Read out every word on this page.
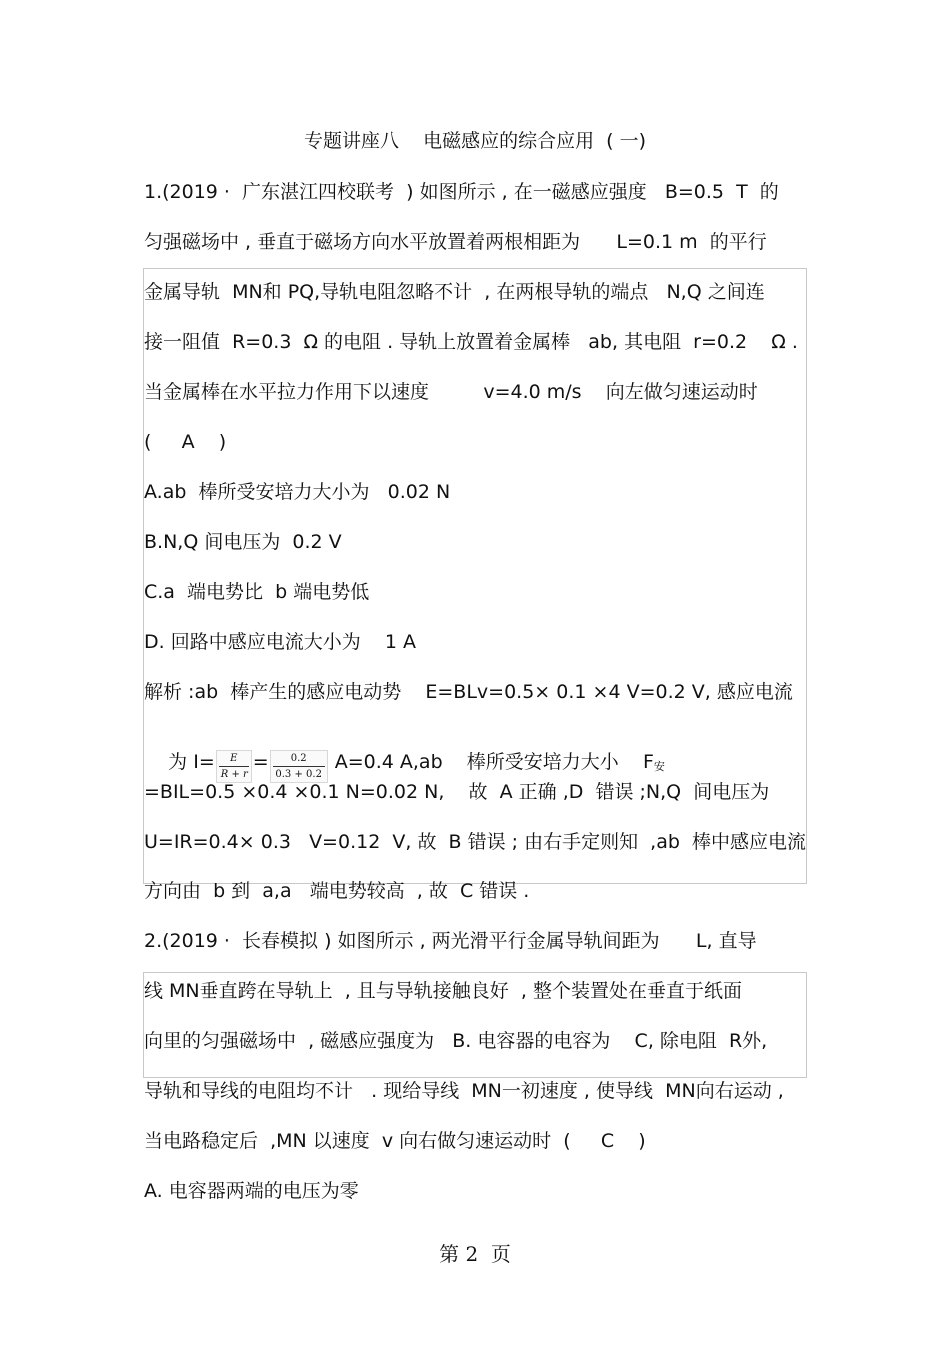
专题讲座八    电磁感应的综合应用  ( 一)
1.(2019 ·  广东湛江四校联考  ) 如图所示 , 在一磁感应强度   B=0.5  T  的
匀强磁场中 , 垂直于磁场方向水平放置着两根相距为      L=0.1 m  的平行
金属导轨  MN和 PQ,导轨电阻忽略不计  , 在两根导轨的端点   N,Q 之间连
接一阻值  R=0.3  Ω 的电阻 . 导轨上放置着金属棒   ab, 其电阻  r=0.2    Ω .
当金属棒在水平拉力作用下以速度         v=4.0 m/s    向左做匀速运动时
(     A    )
A.ab  棒所受安培力大小为   0.02 N
B.N,Q 间电压为  0.2 V
C.a  端电势比  b 端电势低
D. 回路中感应电流大小为    1 A
解析 :ab  棒产生的感应电动势    E=BLv=0.5× 0.1 ×4 V=0.2 V, 感应电流

为 $I= \frac{E}{R + r} = \frac{0.2}{0.3 + 0.2} A=0.4$ A,ab    棒所受安培力大小    F安

=BIL=0.5 ×0.4 ×0.1 N=0.02 N,    故  A 正确 ,D  错误 ;N,Q  间电压为
U=IR=0.4× 0.3   V=0.12  V, 故  B 错误 ; 由右手定则知  ,ab  棒中感应电流
方向由  b 到  a,a   端电势较高  , 故  C 错误 .
2.(2019 ·  长春模拟 ) 如图所示 , 两光滑平行金属导轨间距为      L, 直导
线 MN垂直跨在导轨上  , 且与导轨接触良好  , 整个装置处在垂直于纸面
向里的匀强磁场中  , 磁感应强度为   B. 电容器的电容为    C, 除电阻  R外,
导轨和导线的电阻均不计   . 现给导线  MN一初速度 , 使导线  MN向右运动 ,
当电路稳定后  ,MN 以速度  v 向右做匀速运动时  (     C    )
A. 电容器两端的电压为零
第 2  页
